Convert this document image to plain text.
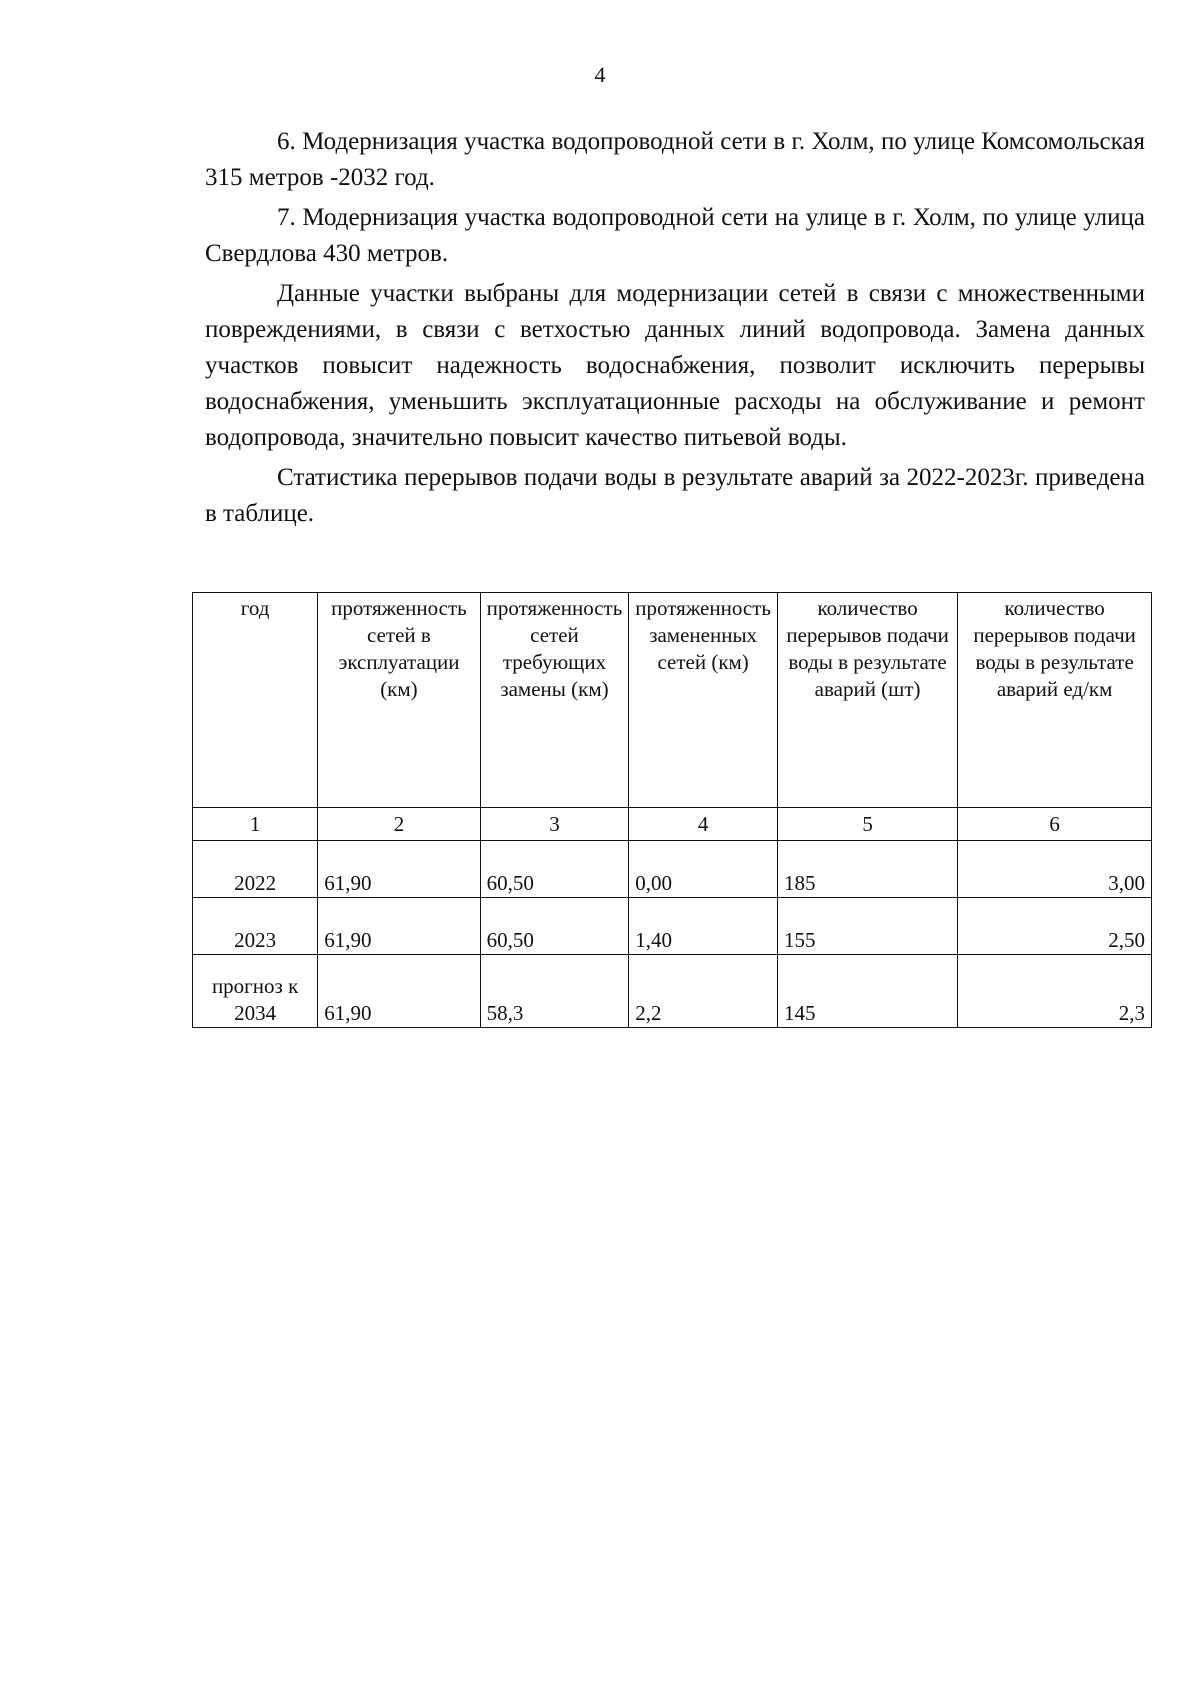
4

6. Модернизация участка водопроводной сети в г. Холм, по улице Комсомольская 315 метров -2032 год.

7. Модернизация участка водопроводной сети на улице в г. Холм, по улице улица Свердлова 430 метров.

Данные участки выбраны для модернизации сетей в связи с множественными повреждениями, в связи с ветхостью данных линий водопровода. Замена данных участков повысит надежность водоснабжения, позволит исключить перерывы водоснабжения, уменьшить эксплуатационные расходы на обслуживание и ремонт водопровода, значительно повысит качество питьевой воды.

Статистика перерывов подачи воды в результате аварий за 2022-2023г. приведена в таблице.

год	протяженность сетей в эксплуатации (км)	протяженность сетей требующих замены (км)	протяженность замененных сетей (км)	количество перерывов подачи воды в результате аварий (шт)	количество перерывов подачи воды в результате аварий ед/км
1	2	3	4	5	6
2022	61,90	60,50	0,00	185	3,00
2023	61,90	60,50	1,40	155	2,50
прогноз к 2034	61,90	58,3	2,2	145	2,3
